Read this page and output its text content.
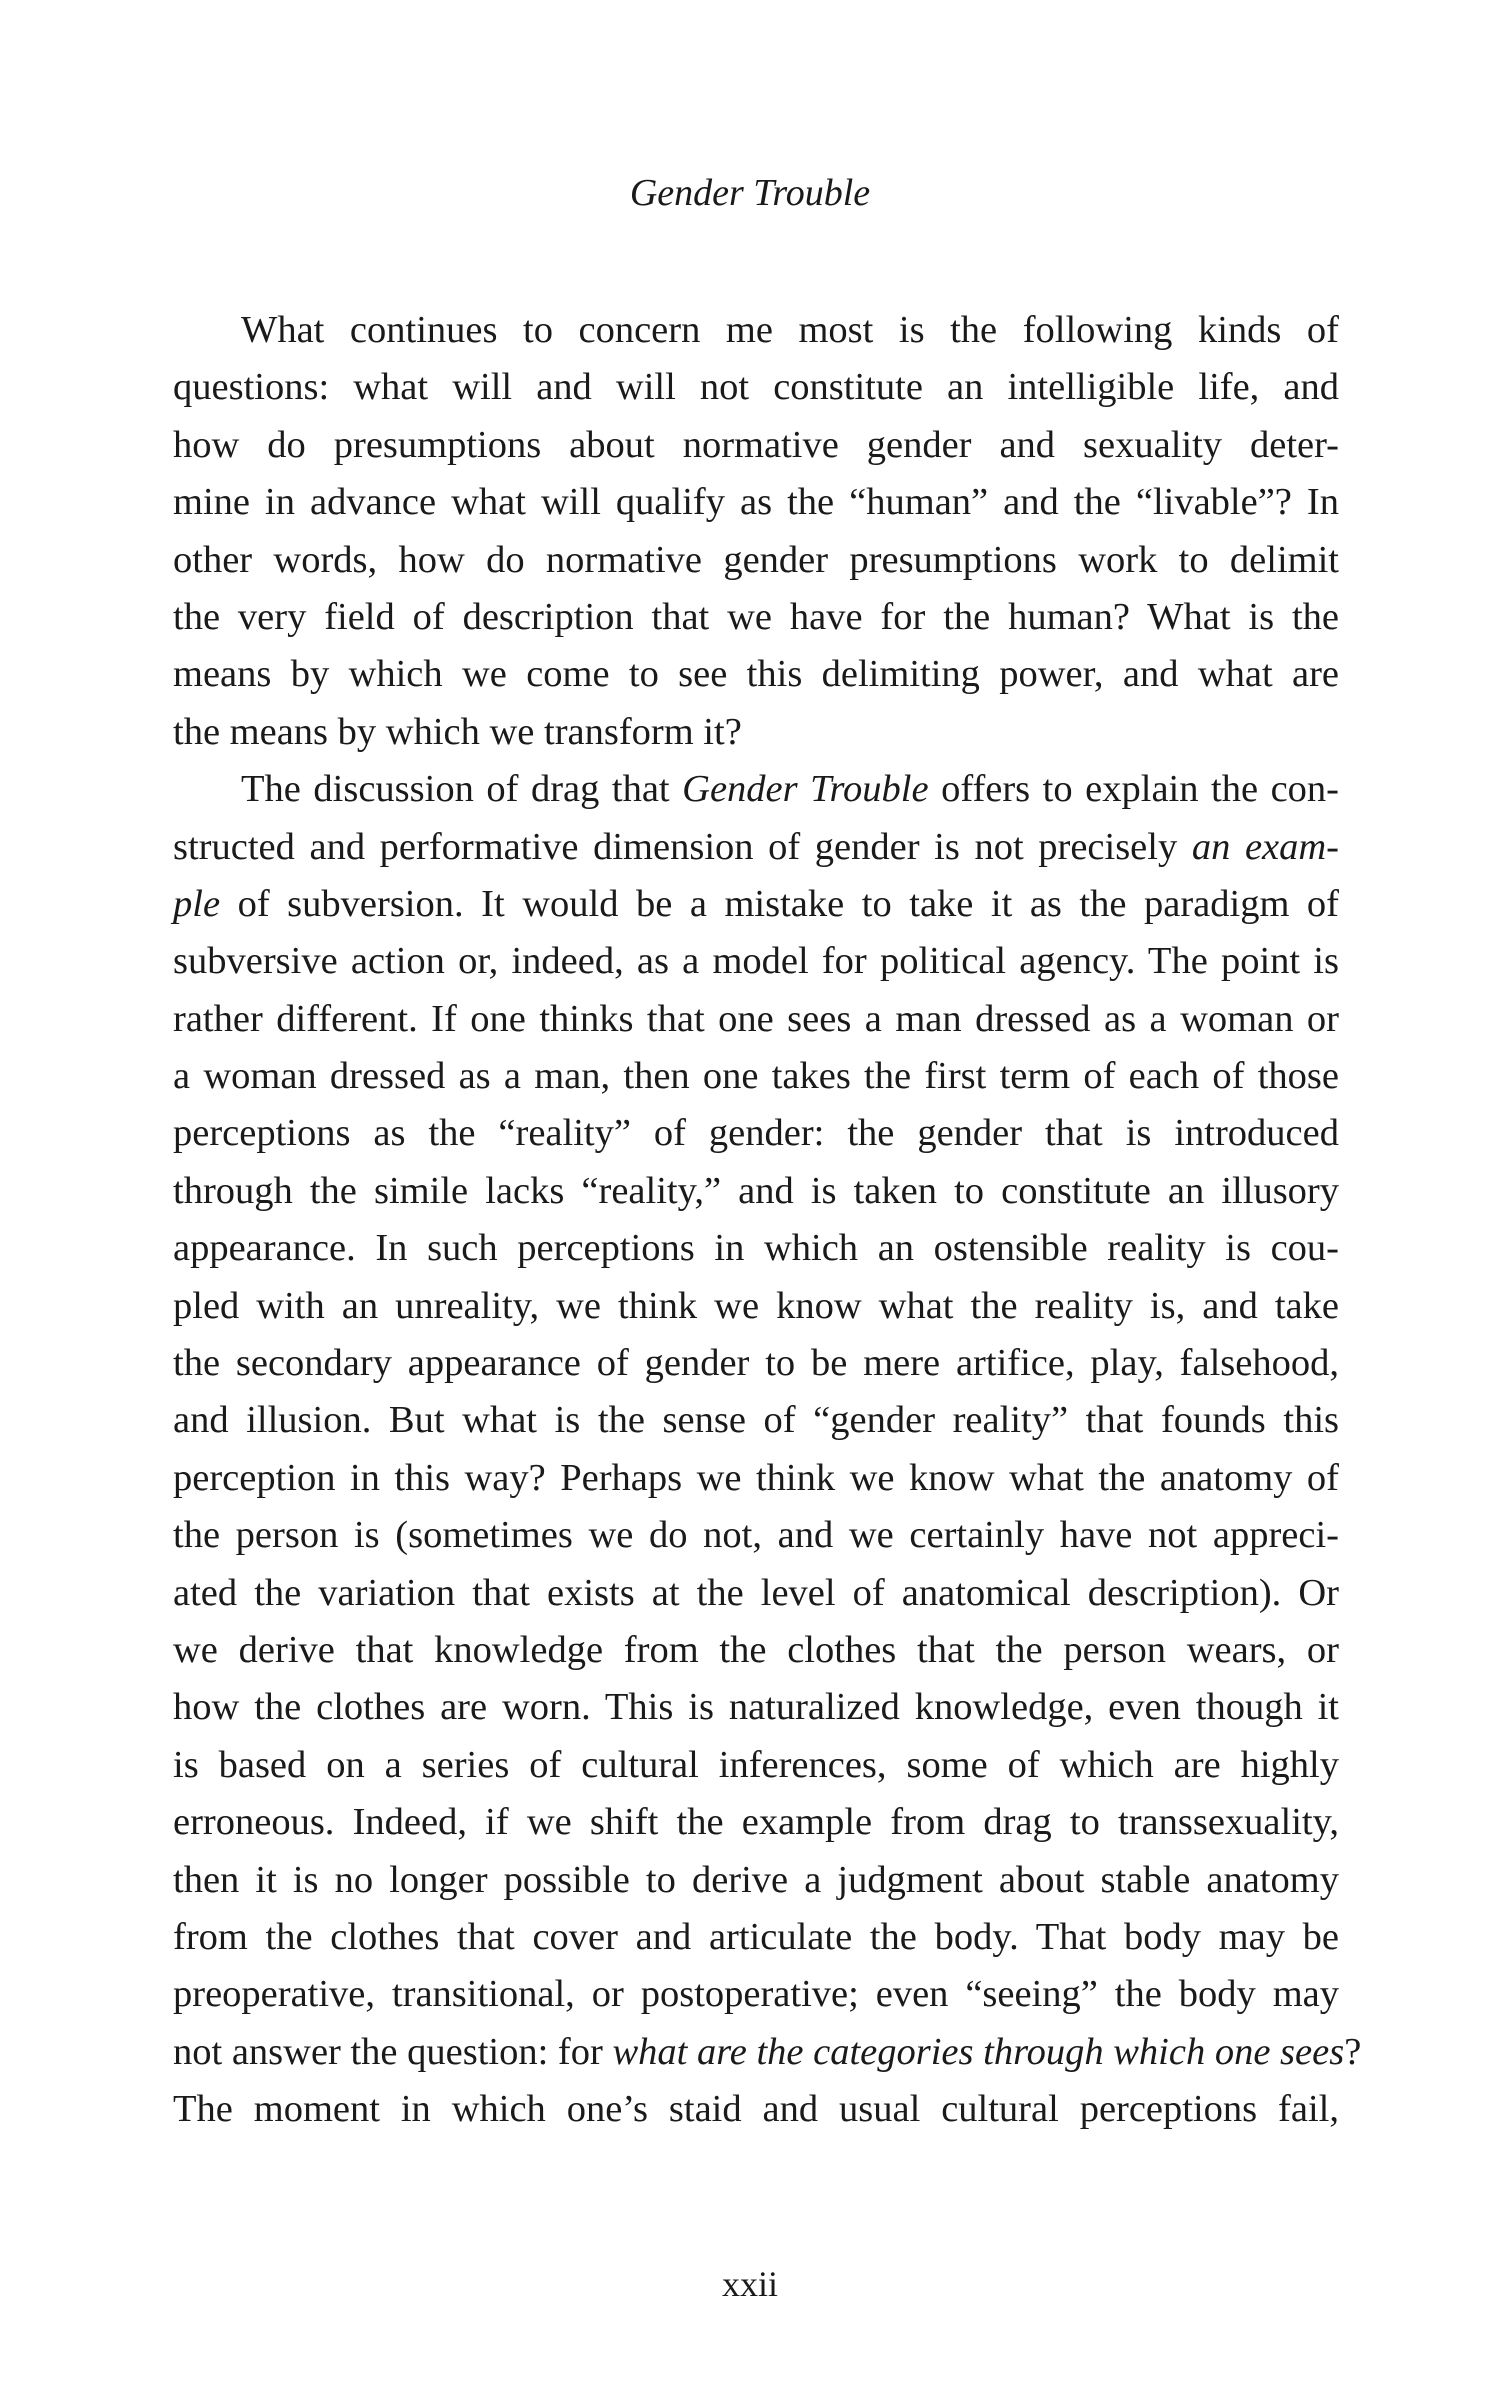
Gender Trouble
What continues to concern me most is the following kinds of
questions: what will and will not constitute an intelligible life, and
how do presumptions about normative gender and sexuality deter-
mine in advance what will qualify as the “human” and the “livable”? In
other words, how do normative gender presumptions work to delimit
the very field of description that we have for the human? What is the
means by which we come to see this delimiting power, and what are
the means by which we transform it?
The discussion of drag that Gender Trouble offers to explain the con-
structed and performative dimension of gender is not precisely an exam-
ple of subversion. It would be a mistake to take it as the paradigm of
subversive action or, indeed, as a model for political agency. The point is
rather different. If one thinks that one sees a man dressed as a woman or
a woman dressed as a man, then one takes the first term of each of those
perceptions as the “reality” of gender: the gender that is introduced
through the simile lacks “reality,” and is taken to constitute an illusory
appearance. In such perceptions in which an ostensible reality is cou-
pled with an unreality, we think we know what the reality is, and take
the secondary appearance of gender to be mere artifice, play, falsehood,
and illusion. But what is the sense of “gender reality” that founds this
perception in this way? Perhaps we think we know what the anatomy of
the person is (sometimes we do not, and we certainly have not appreci-
ated the variation that exists at the level of anatomical description). Or
we derive that knowledge from the clothes that the person wears, or
how the clothes are worn. This is naturalized knowledge, even though it
is based on a series of cultural inferences, some of which are highly
erroneous. Indeed, if we shift the example from drag to transsexuality,
then it is no longer possible to derive a judgment about stable anatomy
from the clothes that cover and articulate the body. That body may be
preoperative, transitional, or postoperative; even “seeing” the body may
not answer the question: for what are the categories through which one sees?
The moment in which one’s staid and usual cultural perceptions fail,
xxii
